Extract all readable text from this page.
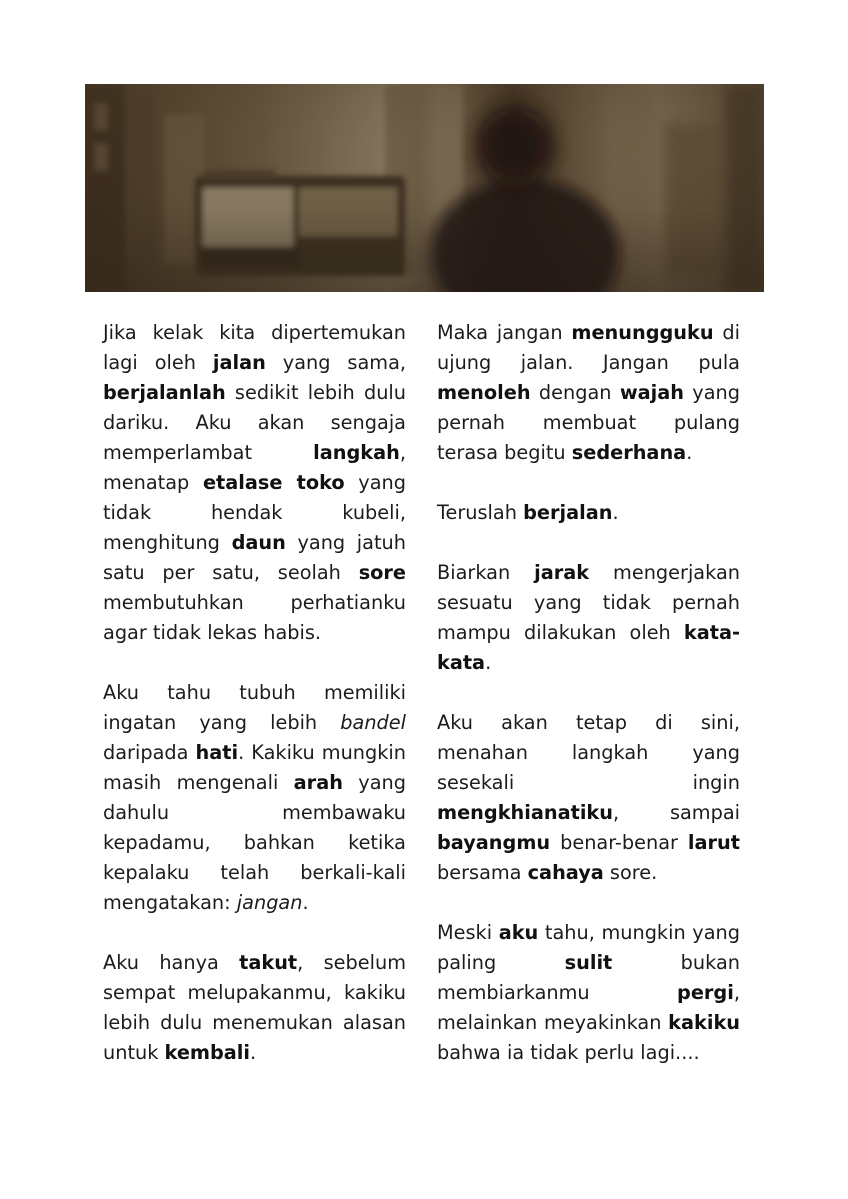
Jika kelak kita dipertemukan lagi oleh jalan yang sama, berjalanlah sedikit lebih dulu dariku. Aku akan sengaja memperlambat langkah, menatap etalase toko yang tidak hendak kubeli, menghitung daun yang jatuh satu per satu, seolah sore membutuhkan perhatianku agar tidak lekas habis.

Aku tahu tubuh memiliki ingatan yang lebih bandel daripada hati. Kakiku mungkin masih mengenali arah yang dahulu membawaku kepadamu, bahkan ketika kepalaku telah berkali-kali mengatakan: jangan.

Aku hanya takut, sebelum sempat melupakanmu, kakiku lebih dulu menemukan alasan untuk kembali.

Maka jangan menungguku di ujung jalan. Jangan pula menoleh dengan wajah yang pernah membuat pulang terasa begitu sederhana.

Teruslah berjalan.

Biarkan jarak mengerjakan sesuatu yang tidak pernah mampu dilakukan oleh kata-kata.

Aku akan tetap di sini, menahan langkah yang sesekali ingin mengkhianatiku, sampai bayangmu benar-benar larut bersama cahaya sore.

Meski aku tahu, mungkin yang paling sulit bukan membiarkanmu pergi, melainkan meyakinkan kakiku bahwa ia tidak perlu lagi....
